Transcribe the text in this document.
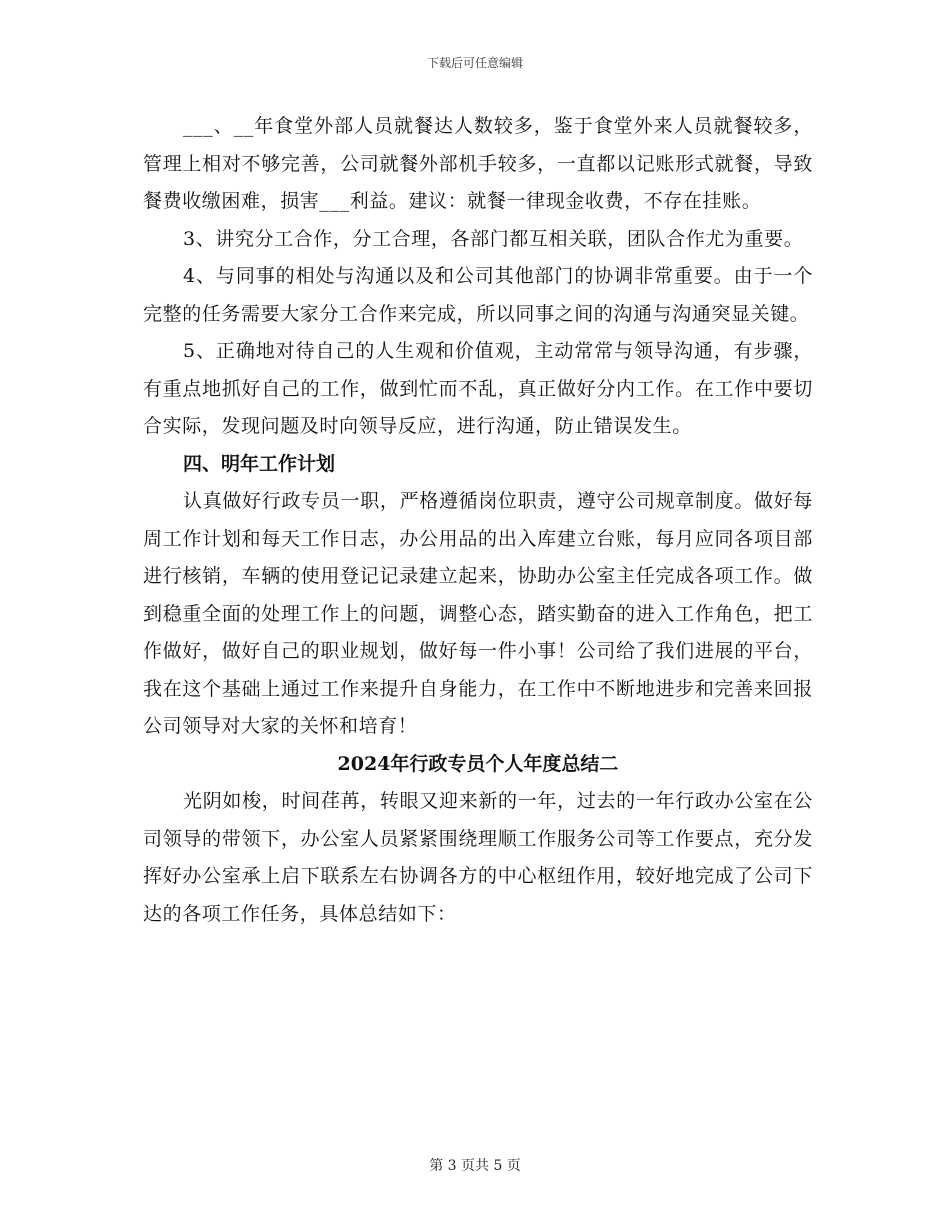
下载后可任意编辑

___、__年食堂外部人员就餐达人数较多，鉴于食堂外来人员就餐较多，管理上相对不够完善，公司就餐外部机手较多，一直都以记账形式就餐，导致餐费收缴困难，损害___利益。建议：就餐一律现金收费，不存在挂账。

3、讲究分工合作，分工合理，各部门都互相关联，团队合作尤为重要。

4、与同事的相处与沟通以及和公司其他部门的协调非常重要。由于一个完整的任务需要大家分工合作来完成，所以同事之间的沟通与沟通突显关键。

5、正确地对待自己的人生观和价值观，主动常常与领导沟通，有步骤，有重点地抓好自己的工作，做到忙而不乱，真正做好分内工作。在工作中要切合实际，发现问题及时向领导反应，进行沟通，防止错误发生。

四、明年工作计划

认真做好行政专员一职，严格遵循岗位职责，遵守公司规章制度。做好每周工作计划和每天工作日志，办公用品的出入库建立台账，每月应同各项目部进行核销，车辆的使用登记记录建立起来，协助办公室主任完成各项工作。做到稳重全面的处理工作上的问题，调整心态，踏实勤奋的进入工作角色，把工作做好，做好自己的职业规划，做好每一件小事！公司给了我们进展的平台，我在这个基础上通过工作来提升自身能力，在工作中不断地进步和完善来回报公司领导对大家的关怀和培育！

2024年行政专员个人年度总结二

光阴如梭，时间荏苒，转眼又迎来新的一年，过去的一年行政办公室在公司领导的带领下，办公室人员紧紧围绕理顺工作服务公司等工作要点，充分发挥好办公室承上启下联系左右协调各方的中心枢纽作用，较好地完成了公司下达的各项工作任务，具体总结如下：

第 3 页共 5 页
